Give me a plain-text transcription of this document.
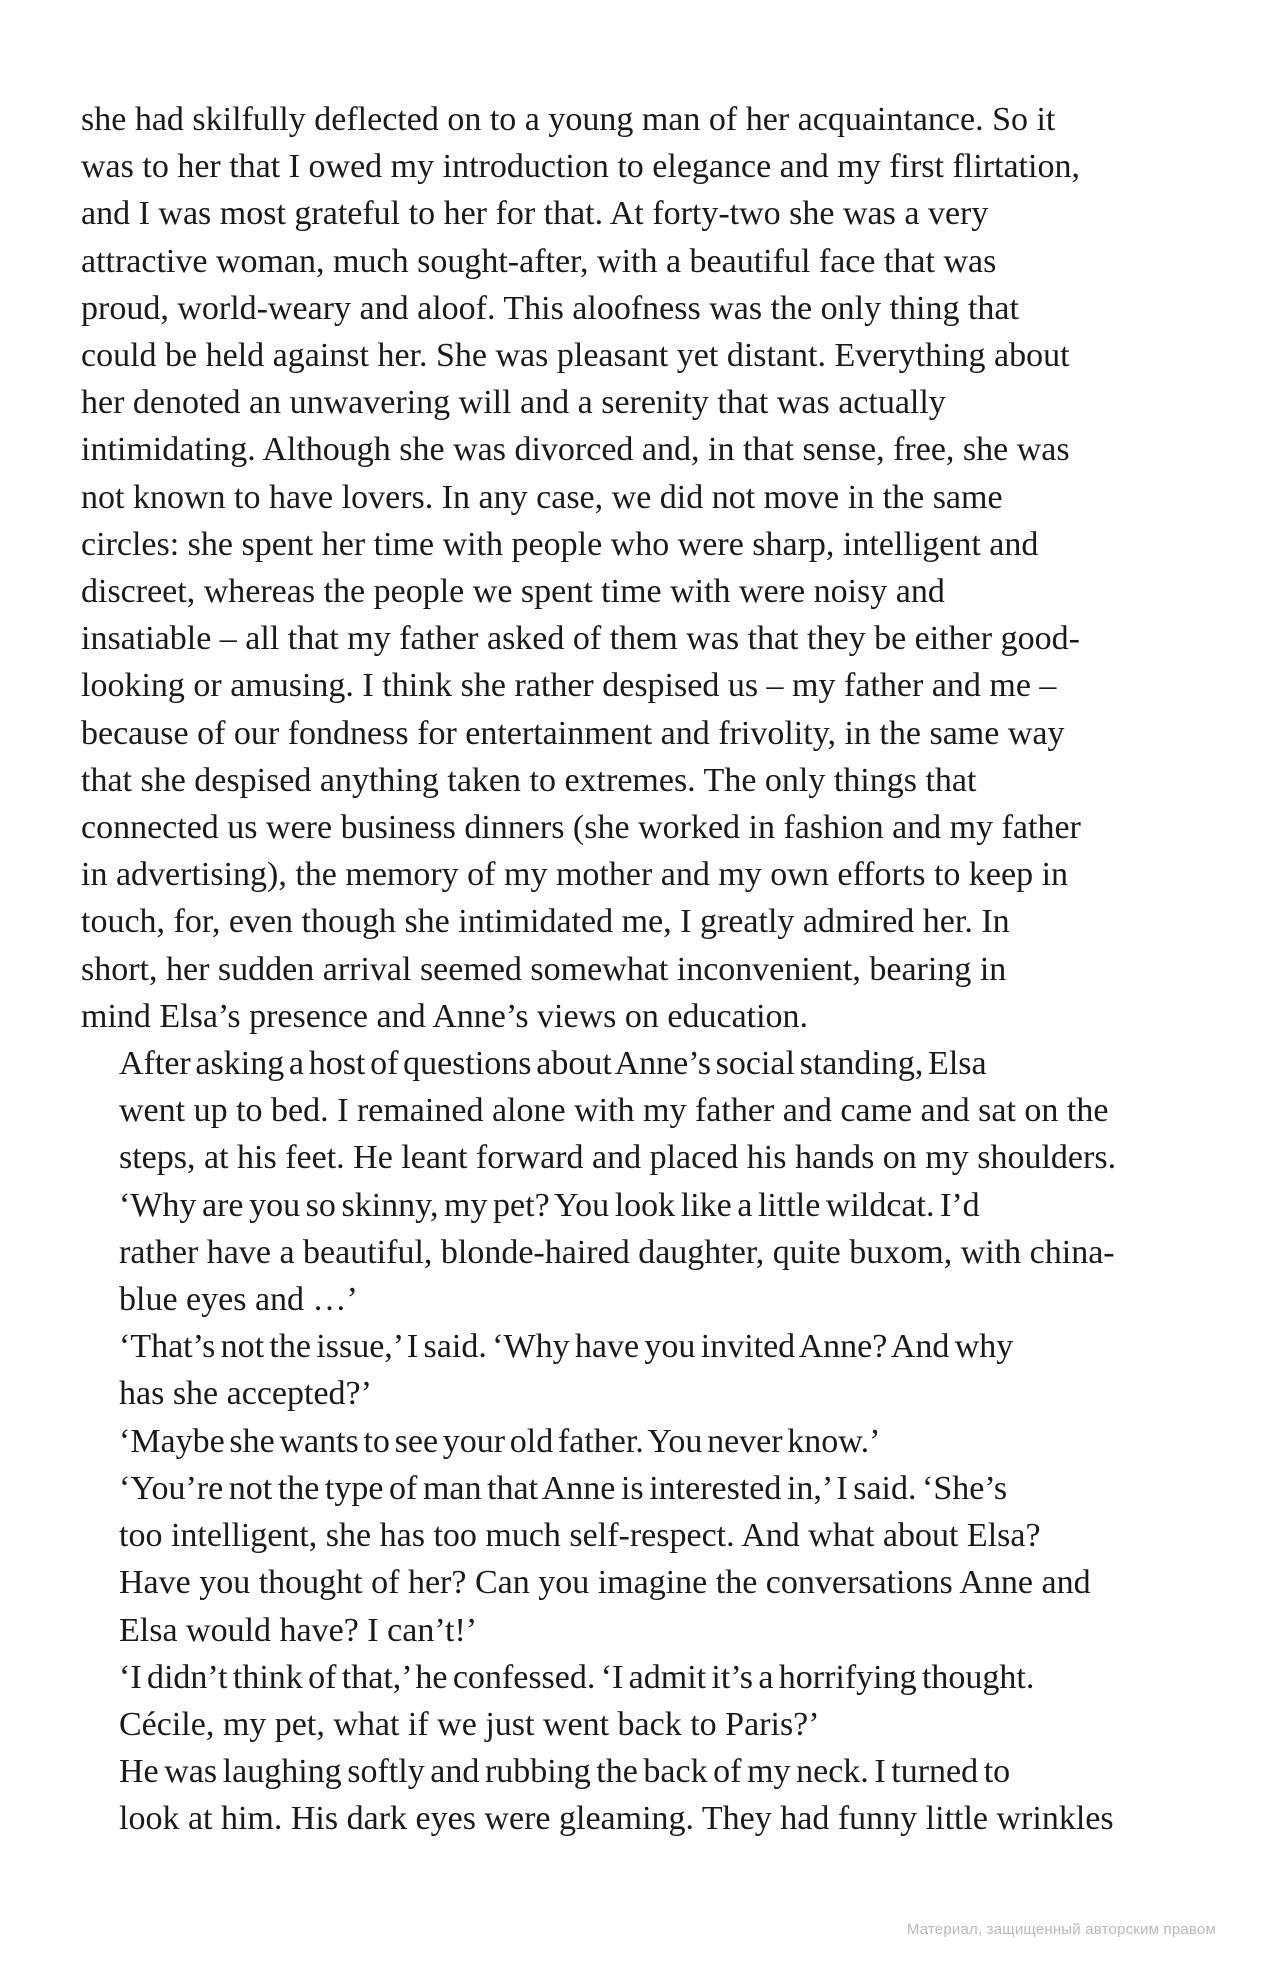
she had skilfully deflected on to a young man of her acquaintance. So it
was to her that I owed my introduction to elegance and my first flirtation,
and I was most grateful to her for that. At forty-two she was a very
attractive woman, much sought-after, with a beautiful face that was
proud, world-weary and aloof. This aloofness was the only thing that
could be held against her. She was pleasant yet distant. Everything about
her denoted an unwavering will and a serenity that was actually
intimidating. Although she was divorced and, in that sense, free, she was
not known to have lovers. In any case, we did not move in the same
circles: she spent her time with people who were sharp, intelligent and
discreet, whereas the people we spent time with were noisy and
insatiable – all that my father asked of them was that they be either good-
looking or amusing. I think she rather despised us – my father and me –
because of our fondness for entertainment and frivolity, in the same way
that she despised anything taken to extremes. The only things that
connected us were business dinners (she worked in fashion and my father
in advertising), the memory of my mother and my own efforts to keep in
touch, for, even though she intimidated me, I greatly admired her. In
short, her sudden arrival seemed somewhat inconvenient, bearing in
mind Elsa’s presence and Anne’s views on education.

After asking a host of questions about Anne’s social standing, Elsa
went up to bed. I remained alone with my father and came and sat on the
steps, at his feet. He leant forward and placed his hands on my shoulders.

‘Why are you so skinny, my pet? You look like a little wildcat. I’d
rather have a beautiful, blonde-haired daughter, quite buxom, with china-
blue eyes and …’

‘That’s not the issue,’ I said. ‘Why have you invited Anne? And why
has she accepted?’

‘Maybe she wants to see your old father. You never know.’

‘You’re not the type of man that Anne is interested in,’ I said. ‘She’s
too intelligent, she has too much self-respect. And what about Elsa?
Have you thought of her? Can you imagine the conversations Anne and
Elsa would have? I can’t!’

‘I didn’t think of that,’ he confessed. ‘I admit it’s a horrifying thought.
Cécile, my pet, what if we just went back to Paris?’

He was laughing softly and rubbing the back of my neck. I turned to
look at him. His dark eyes were gleaming. They had funny little wrinkles

Материал, защищенный авторским правом
